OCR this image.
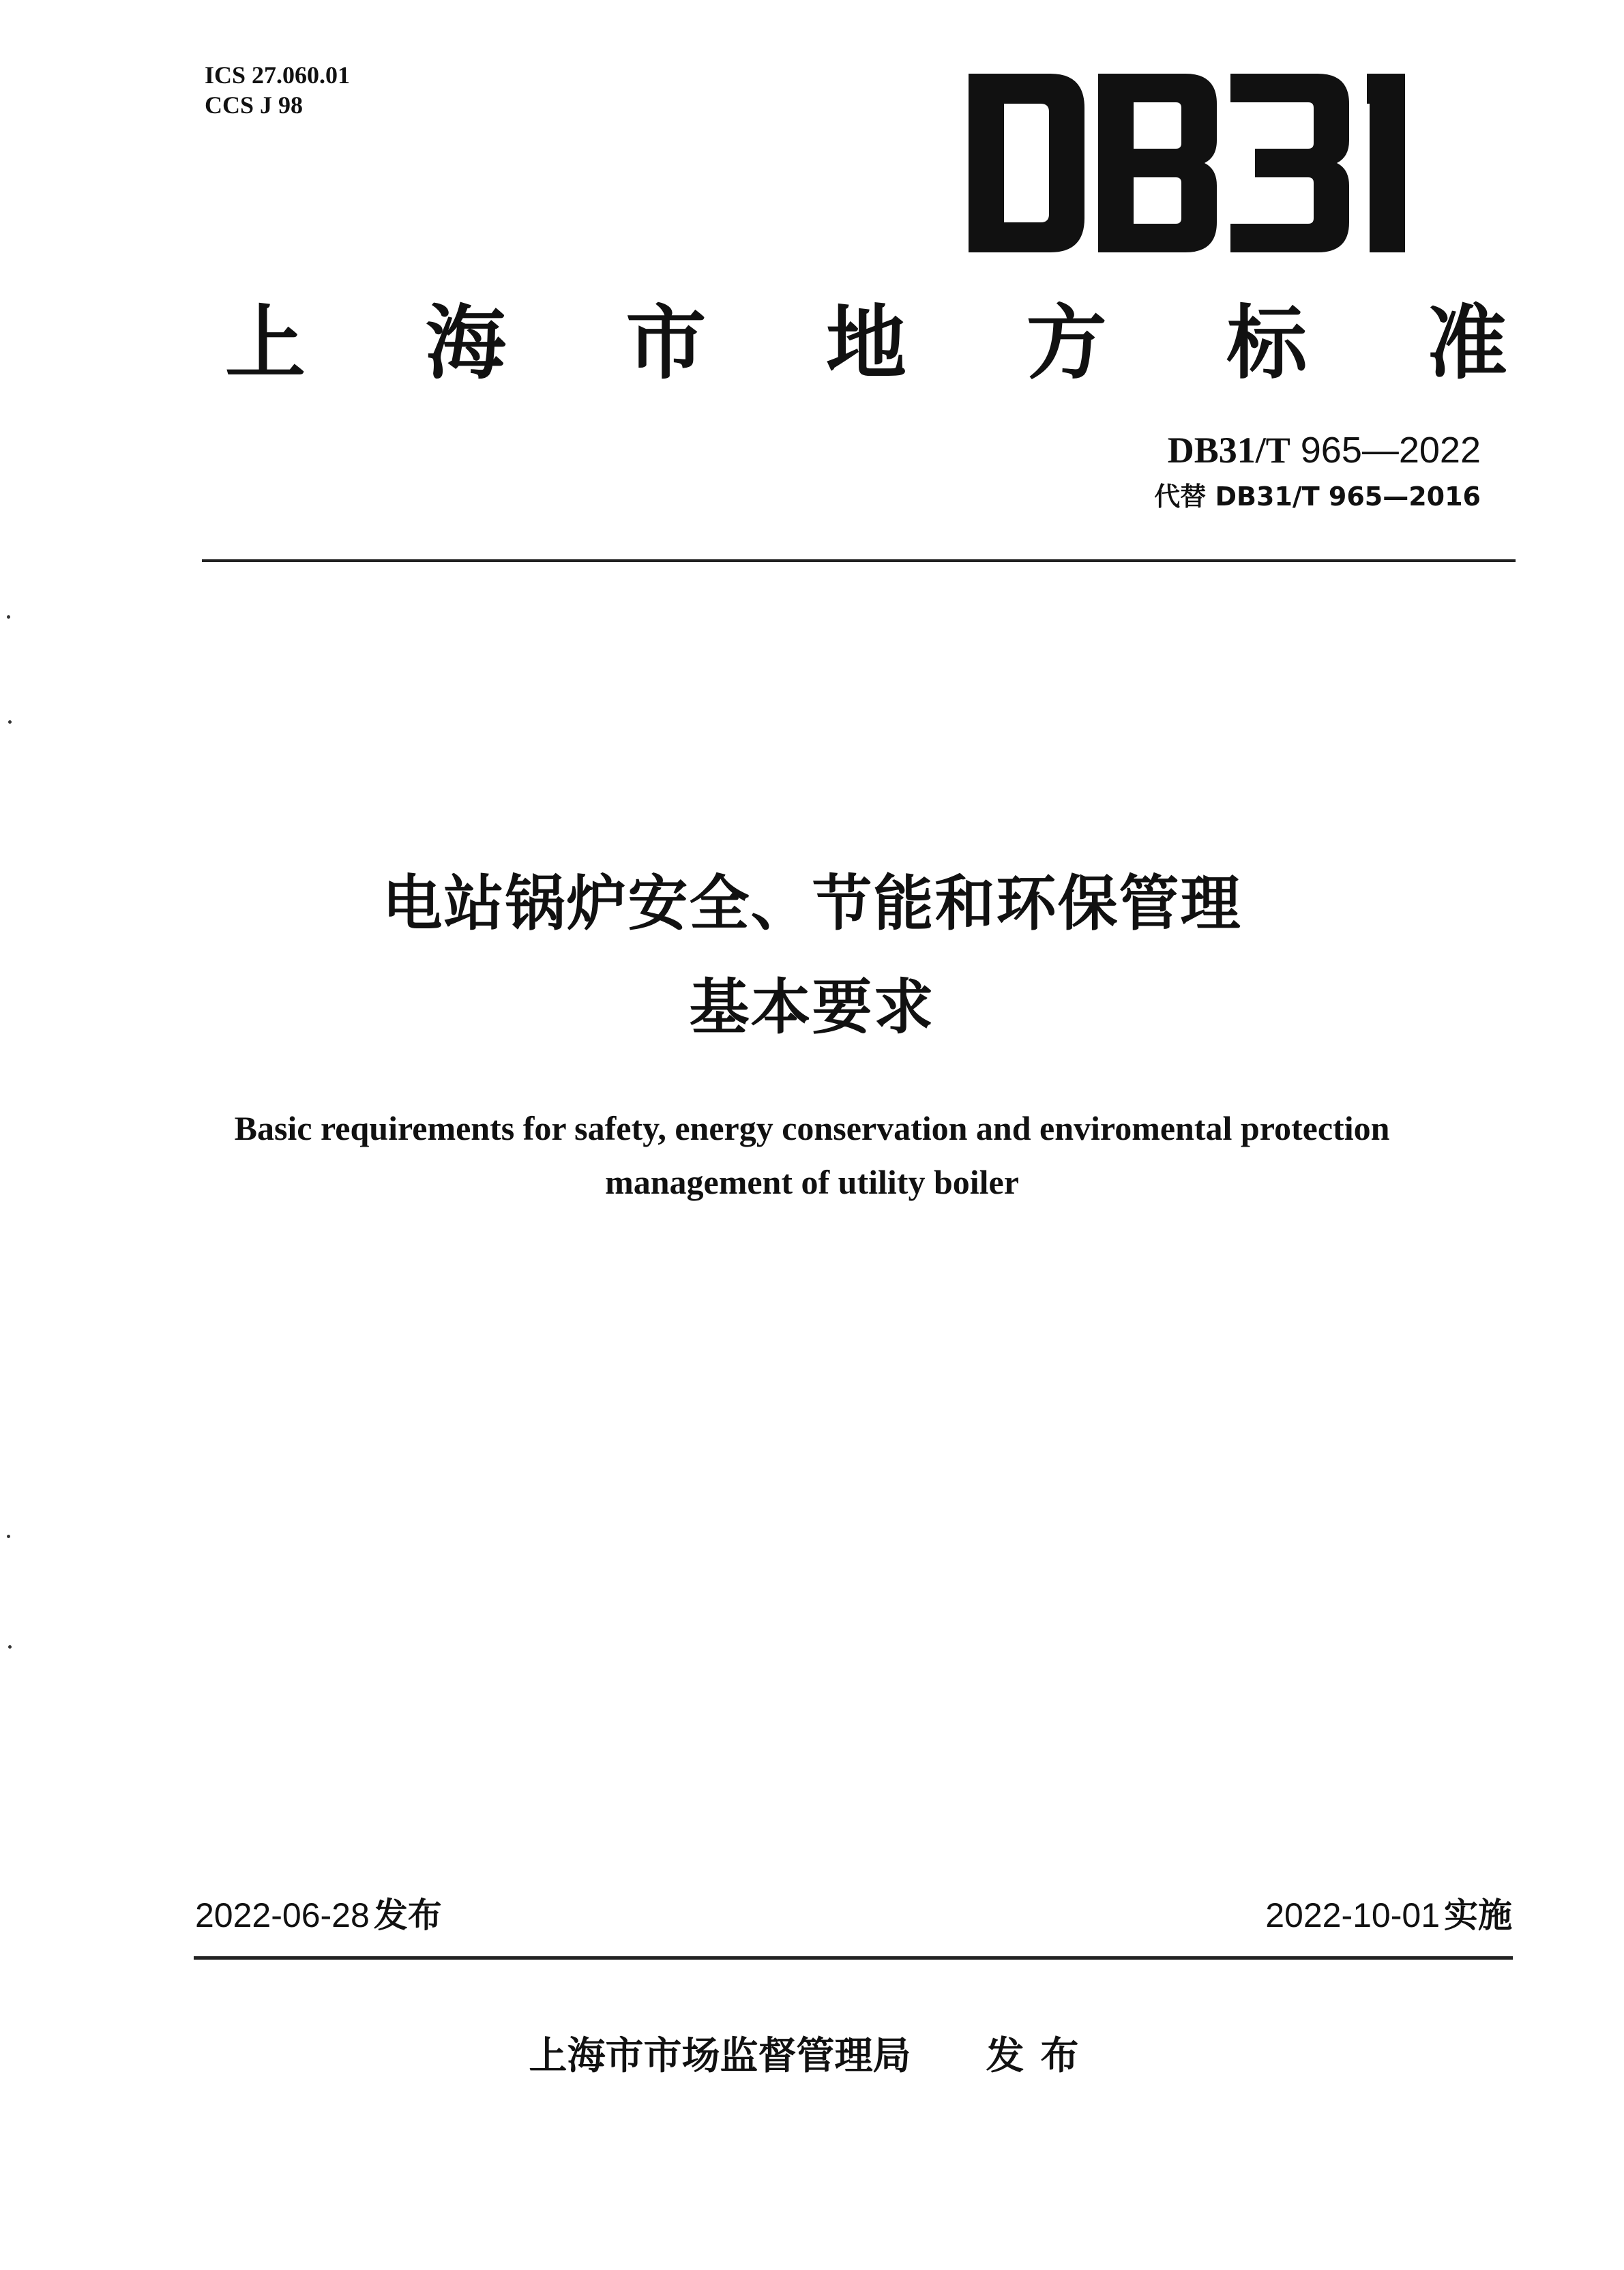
ICS 27.060.01
CCS J 98
上 海 市 地 方 标 准
DB31/T 965—2022
代替 DB31/T 965—2016
电站锅炉安全、节能和环保管理
基本要求
Basic requirements for safety, energy conservation and enviromental protection
management of utility boiler
2022-06-28 发布	2022-10-01 实施
上海市市场监督管理局 发布
